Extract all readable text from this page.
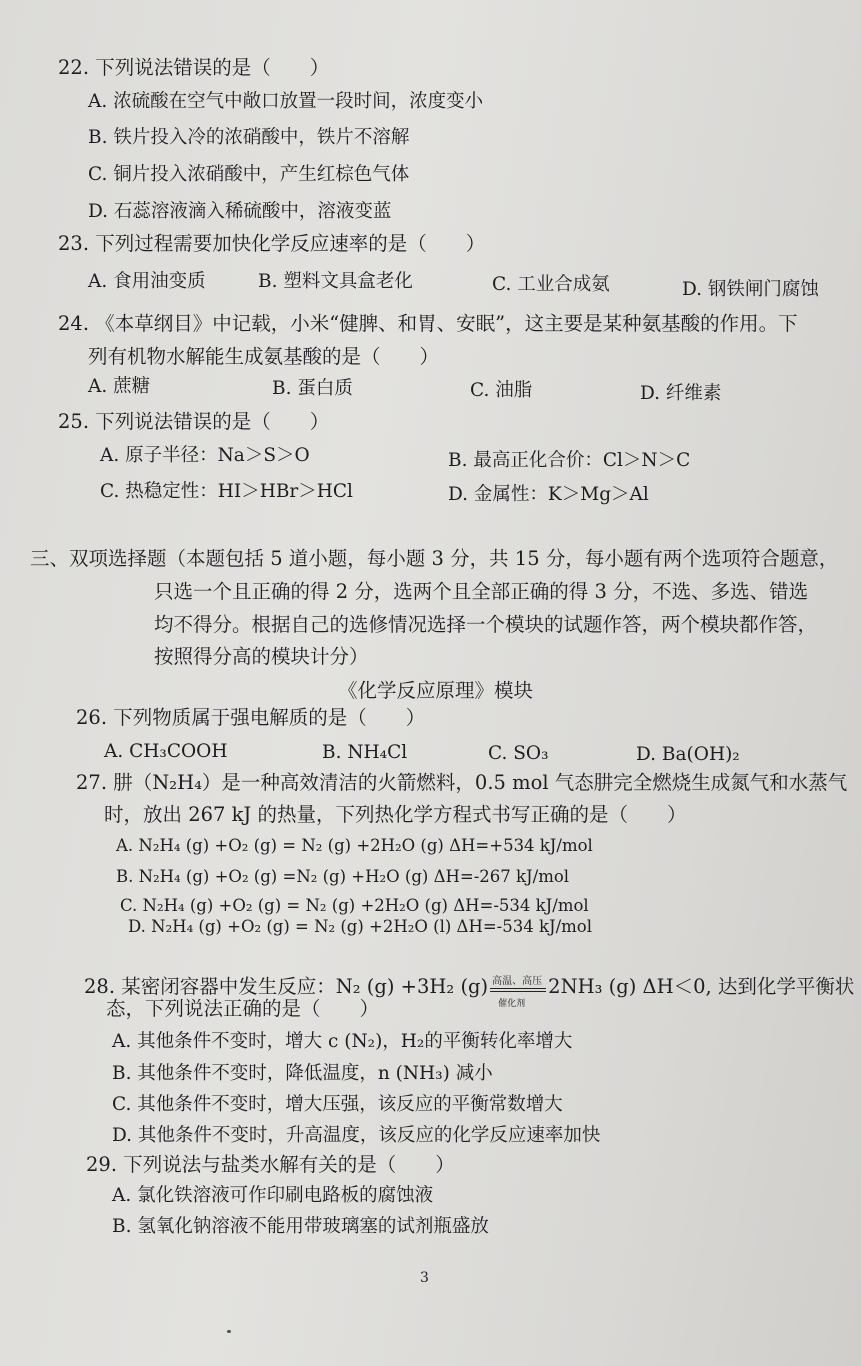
22. 下列说法错误的是（　　）
A. 浓硫酸在空气中敞口放置一段时间，浓度变小
B. 铁片投入冷的浓硝酸中，铁片不溶解
C. 铜片投入浓硝酸中，产生红棕色气体
D. 石蕊溶液滴入稀硫酸中，溶液变蓝
23. 下列过程需要加快化学反应速率的是（　　）
A. 食用油变质	B. 塑料文具盒老化	C. 工业合成氨	D. 钢铁闸门腐蚀
24. 《本草纲目》中记载，小米“健脾、和胃、安眠”，这主要是某种氨基酸的作用。下
列有机物水解能生成氨基酸的是（　　）
A. 蔗糖	B. 蛋白质	C. 油脂	D. 纤维素
25. 下列说法错误的是（　　）
A. 原子半径：Na＞S＞O	B. 最高正化合价：Cl＞N＞C
C. 热稳定性：HI＞HBr＞HCl	D. 金属性：K＞Mg＞Al
三、双项选择题（本题包括 5 道小题，每小题 3 分，共 15 分，每小题有两个选项符合题意，
只选一个且正确的得 2 分，选两个且全部正确的得 3 分，不选、多选、错选
均不得分。根据自己的选修情况选择一个模块的试题作答，两个模块都作答，
按照得分高的模块计分）
《化学反应原理》模块
26. 下列物质属于强电解质的是（　　）
A. CH₃COOH	B. NH₄Cl	C. SO₃	D. Ba(OH)₂
27. 肼（N₂H₄）是一种高效清洁的火箭燃料，0.5 mol 气态肼完全燃烧生成氮气和水蒸气
时，放出 267 kJ 的热量，下列热化学方程式书写正确的是（　　）
A. N₂H₄ (g) +O₂ (g) = N₂ (g) +2H₂O (g) ΔH=+534 kJ/mol
B. N₂H₄ (g) +O₂ (g) =N₂ (g) +H₂O (g) ΔH=-267 kJ/mol
C. N₂H₄ (g) +O₂ (g) = N₂ (g) +2H₂O (g) ΔH=-534 kJ/mol
D. N₂H₄ (g) +O₂ (g) = N₂ (g) +2H₂O (l) ΔH=-534 kJ/mol
28. 某密闭容器中发生反应：N₂ (g) +3H₂ (g) 高温、高压
催化剂
2NH₃ (g) ΔH＜0, 达到化学平衡状
态，下列说法正确的是（　　）
A. 其他条件不变时，增大 c (N₂)，H₂的平衡转化率增大
B. 其他条件不变时，降低温度，n (NH₃) 减小
C. 其他条件不变时，增大压强，该反应的平衡常数增大
D. 其他条件不变时，升高温度，该反应的化学反应速率加快
29. 下列说法与盐类水解有关的是（　　）
A. 氯化铁溶液可作印刷电路板的腐蚀液
B. 氢氧化钠溶液不能用带玻璃塞的试剂瓶盛放
3
